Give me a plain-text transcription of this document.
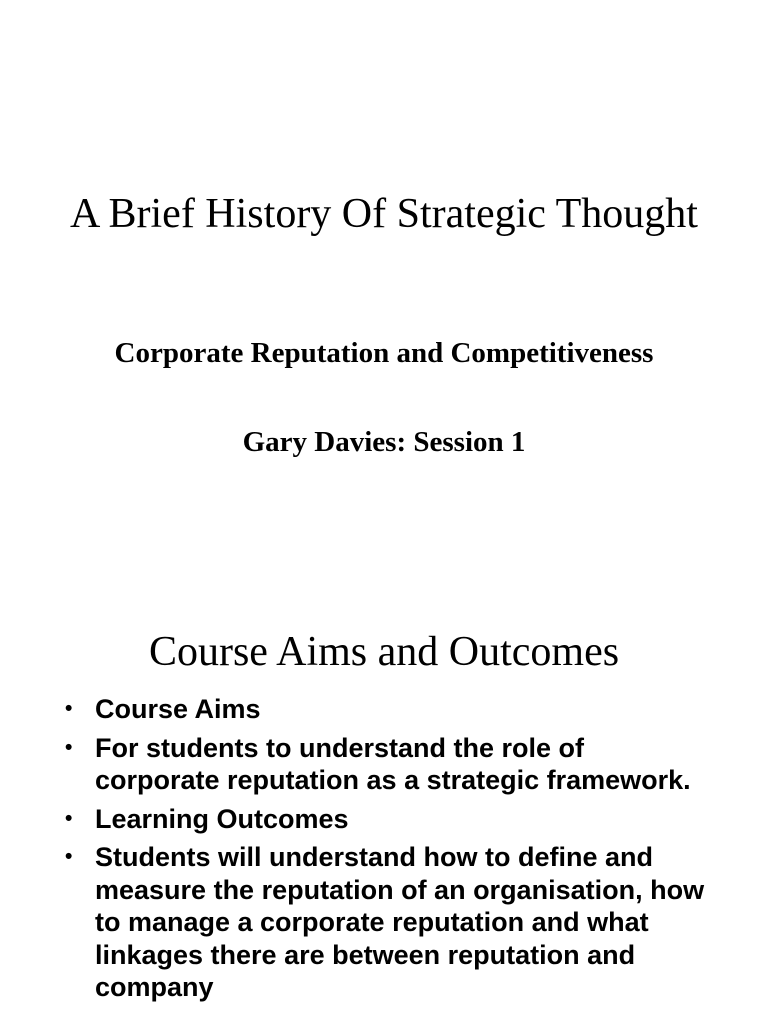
A Brief History Of Strategic Thought

Corporate Reputation and Competitiveness

Gary Davies: Session 1

Course Aims and Outcomes
• Course Aims
• For students to understand the role of corporate reputation as a strategic framework.
• Learning Outcomes
• Students will understand how to define and measure the reputation of an organisation, how to manage a corporate reputation and what linkages there are between reputation and company
